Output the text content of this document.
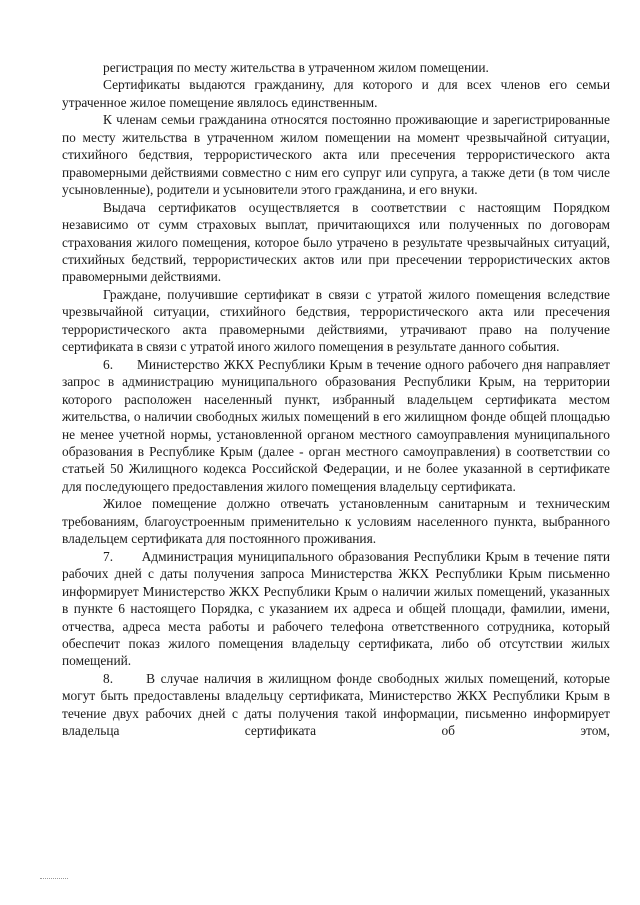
регистрация по месту жительства в утраченном жилом помещении.

Сертификаты выдаются гражданину, для которого и для всех членов его семьи утраченное жилое помещение являлось единственным.

К членам семьи гражданина относятся постоянно проживающие и зарегистрированные по месту жительства в утраченном жилом помещении на момент чрезвычайной ситуации, стихийного бедствия, террористического акта или пресечения террористического акта правомерными действиями совместно с ним его супруг или супруга, а также дети (в том числе усыновленные), родители и усыновители этого гражданина, и его внуки.

Выдача сертификатов осуществляется в соответствии с настоящим Порядком независимо от сумм страховых выплат, причитающихся или полученных по договорам страхования жилого помещения, которое было утрачено в результате чрезвычайных ситуаций, стихийных бедствий, террористических актов или при пресечении террористических актов правомерными действиями.

Граждане, получившие сертификат в связи с утратой жилого помещения вследствие чрезвычайной ситуации, стихийного бедствия, террористического акта или пресечения террористического акта правомерными действиями, утрачивают право на получение сертификата в связи с утратой иного жилого помещения в результате данного события.

6.      Министерство ЖКХ Республики Крым в течение одного рабочего дня направляет запрос в администрацию муниципального образования Республики Крым, на территории которого расположен населенный пункт, избранный владельцем сертификата местом жительства, о наличии свободных жилых помещений в его жилищном фонде общей площадью не менее учетной нормы, установленной органом местного самоуправления муниципального образования в Республике Крым (далее - орган местного самоуправления) в соответствии со статьей 50 Жилищного кодекса Российской Федерации, и не более указанной в сертификате для последующего предоставления жилого помещения владельцу сертификата.

Жилое помещение должно отвечать установленным санитарным и техническим требованиям, благоустроенным применительно к условиям населенного пункта, выбранного владельцем сертификата для постоянного проживания.

7.      Администрация муниципального образования Республики Крым в течение пяти рабочих дней с даты получения запроса Министерства ЖКХ Республики Крым письменно информирует Министерство ЖКХ Республики Крым о наличии жилых помещений, указанных в пункте 6 настоящего Порядка, с указанием их адреса и общей площади, фамилии, имени, отчества, адреса места работы и рабочего телефона ответственного сотрудника, который обеспечит показ жилого помещения владельцу сертификата, либо об отсутствии жилых помещений.

8.      В случае наличия в жилищном фонде свободных жилых помещений, которые могут быть предоставлены владельцу сертификата, Министерство ЖКХ Республики Крым в течение двух рабочих дней с даты получения такой информации, письменно информирует владельца сертификата об этом,
